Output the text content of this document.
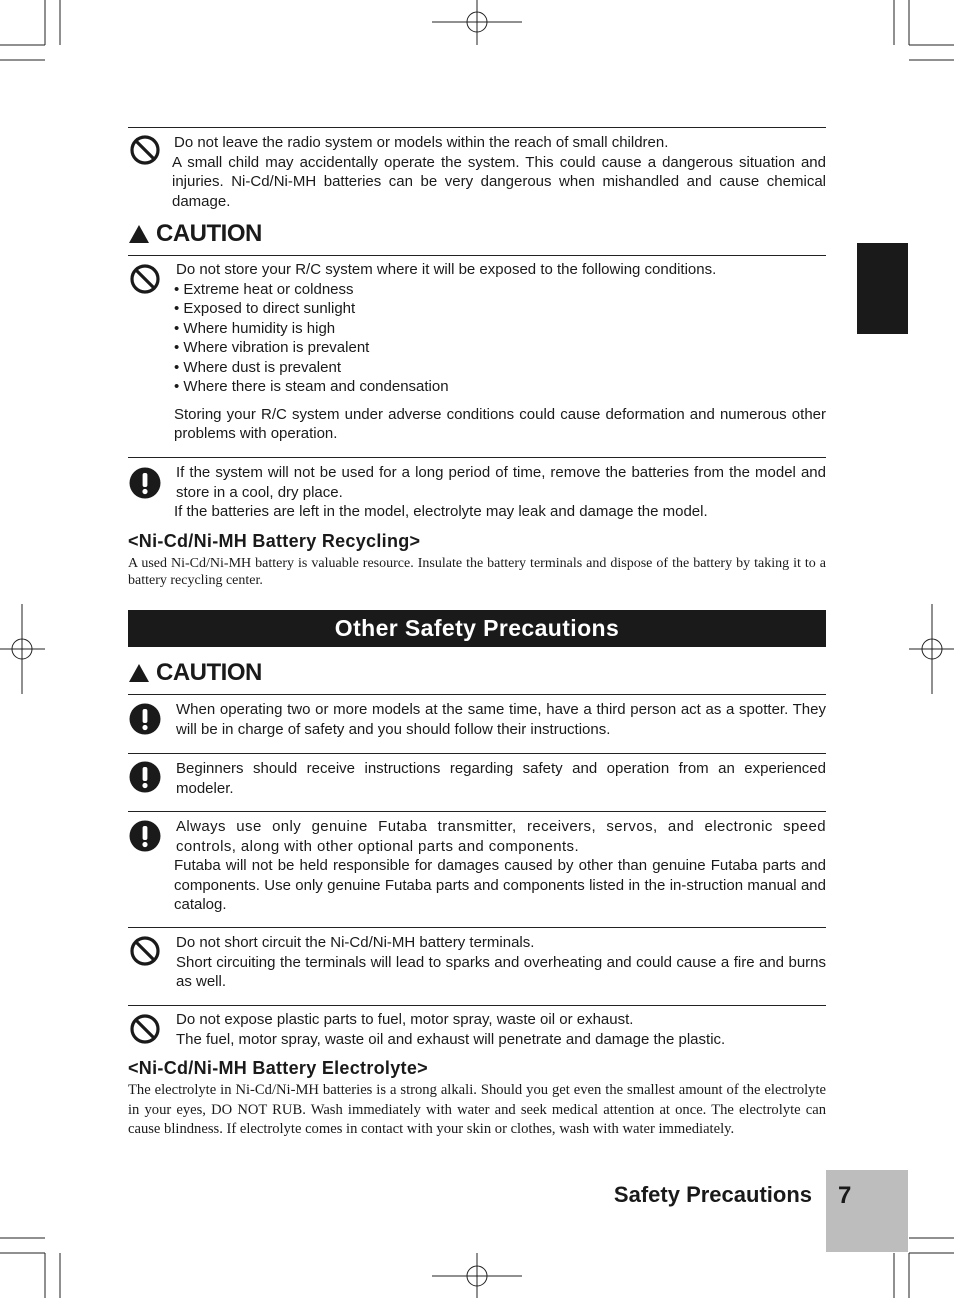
Do not leave the radio system or models within the reach of small children.

A small child may accidentally operate the system. This could cause a dangerous situation and injuries. Ni-Cd/Ni-MH batteries can be very dangerous when mishandled and cause chemical damage.

CAUTION

Do not store your R/C system where it will be exposed to the following conditions.

• Extreme heat or coldness
• Exposed to direct sunlight
• Where humidity is high
• Where vibration is prevalent
• Where dust is prevalent
• Where there is steam and condensation

Storing your R/C system under adverse conditions could cause deformation and numerous other problems with operation.

If the system will not be used for a long period of time, remove the batteries from the model and store in a cool, dry place.

If the batteries are left in the model, electrolyte may leak and damage the model.

<Ni-Cd/Ni-MH Battery Recycling>
A used Ni-Cd/Ni-MH battery is valuable resource. Insulate the battery terminals and dispose of the battery by taking it to a battery recycling center.
Other Safety Precautions
CAUTION

When operating two or more models at the same time, have a third person act as a spotter. They will be in charge of safety and you should follow their instructions.

Beginners should receive instructions regarding safety and operation from an experienced modeler.

Always use only genuine Futaba transmitter, receivers, servos, and electronic speed controls, along with other optional parts and components.

Futaba will not be held responsible for damages caused by other than genuine Futaba parts and components. Use only genuine Futaba parts and components listed in the in-struction manual and catalog.

Do not short circuit the Ni-Cd/Ni-MH battery terminals.

Short circuiting the terminals will lead to sparks and overheating and could cause a fire and burns as well.

Do not expose plastic parts to fuel, motor spray, waste oil or exhaust.

The fuel, motor spray, waste oil and exhaust will penetrate and damage the plastic.

<Ni-Cd/Ni-MH Battery Electrolyte>
The electrolyte in Ni-Cd/Ni-MH batteries is a strong alkali. Should you get even the smallest amount of the electrolyte in your eyes, DO NOT RUB. Wash immediately with water and seek medical attention at once. The electrolyte can cause blindness. If electrolyte comes in contact with your skin or clothes, wash with water immediately.
Safety Precautions 7
